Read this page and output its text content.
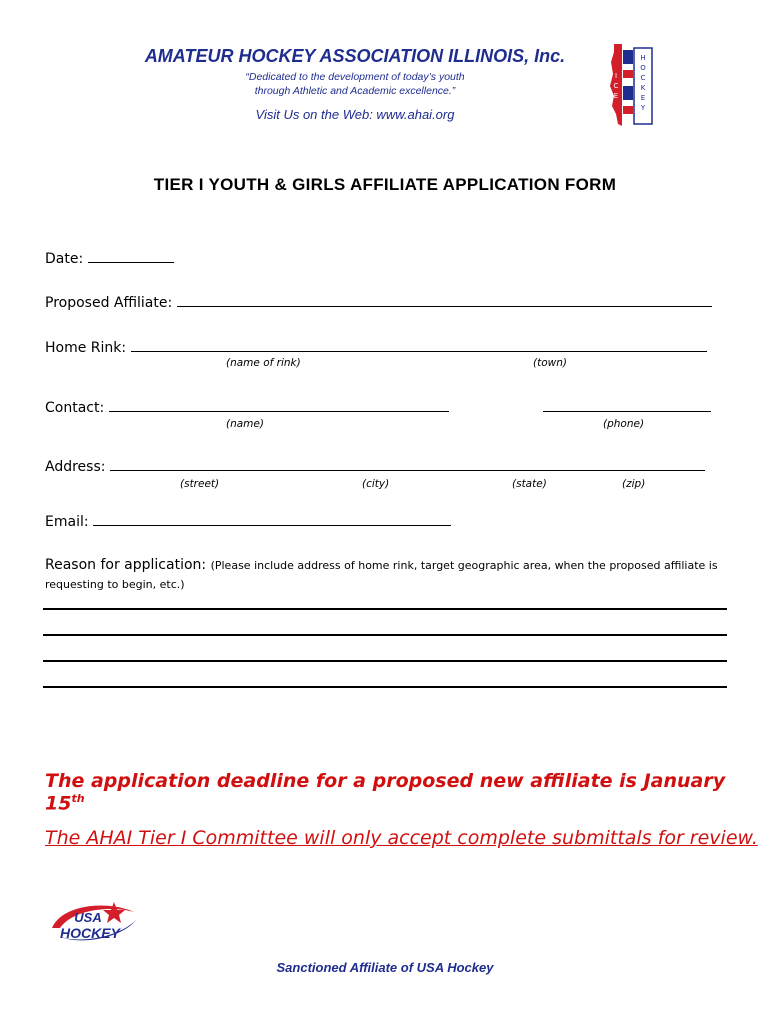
AMATEUR HOCKEY ASSOCIATION ILLINOIS, Inc.
“Dedicated to the development of today’s youth
through Athletic and Academic excellence.”
Visit Us on the Web: www.ahai.org
I
C
E
H
O
C
K
E
Y
TIER I YOUTH & GIRLS AFFILIATE APPLICATION FORM
Date:
Proposed Affiliate:
Home Rink:
(name of rink)	(town)
Contact:
(name)	(phone)
Address:
(street)	(city)	(state)	(zip)
Email:
Reason for application: (Please include address of home rink, target geographic area, when the proposed affiliate is requesting to begin, etc.)
The application deadline for a proposed new affiliate is January 15th
The AHAI Tier I Committee will only accept complete submittals for review.
USA
HOCKEY
Sanctioned Affiliate of USA Hockey
